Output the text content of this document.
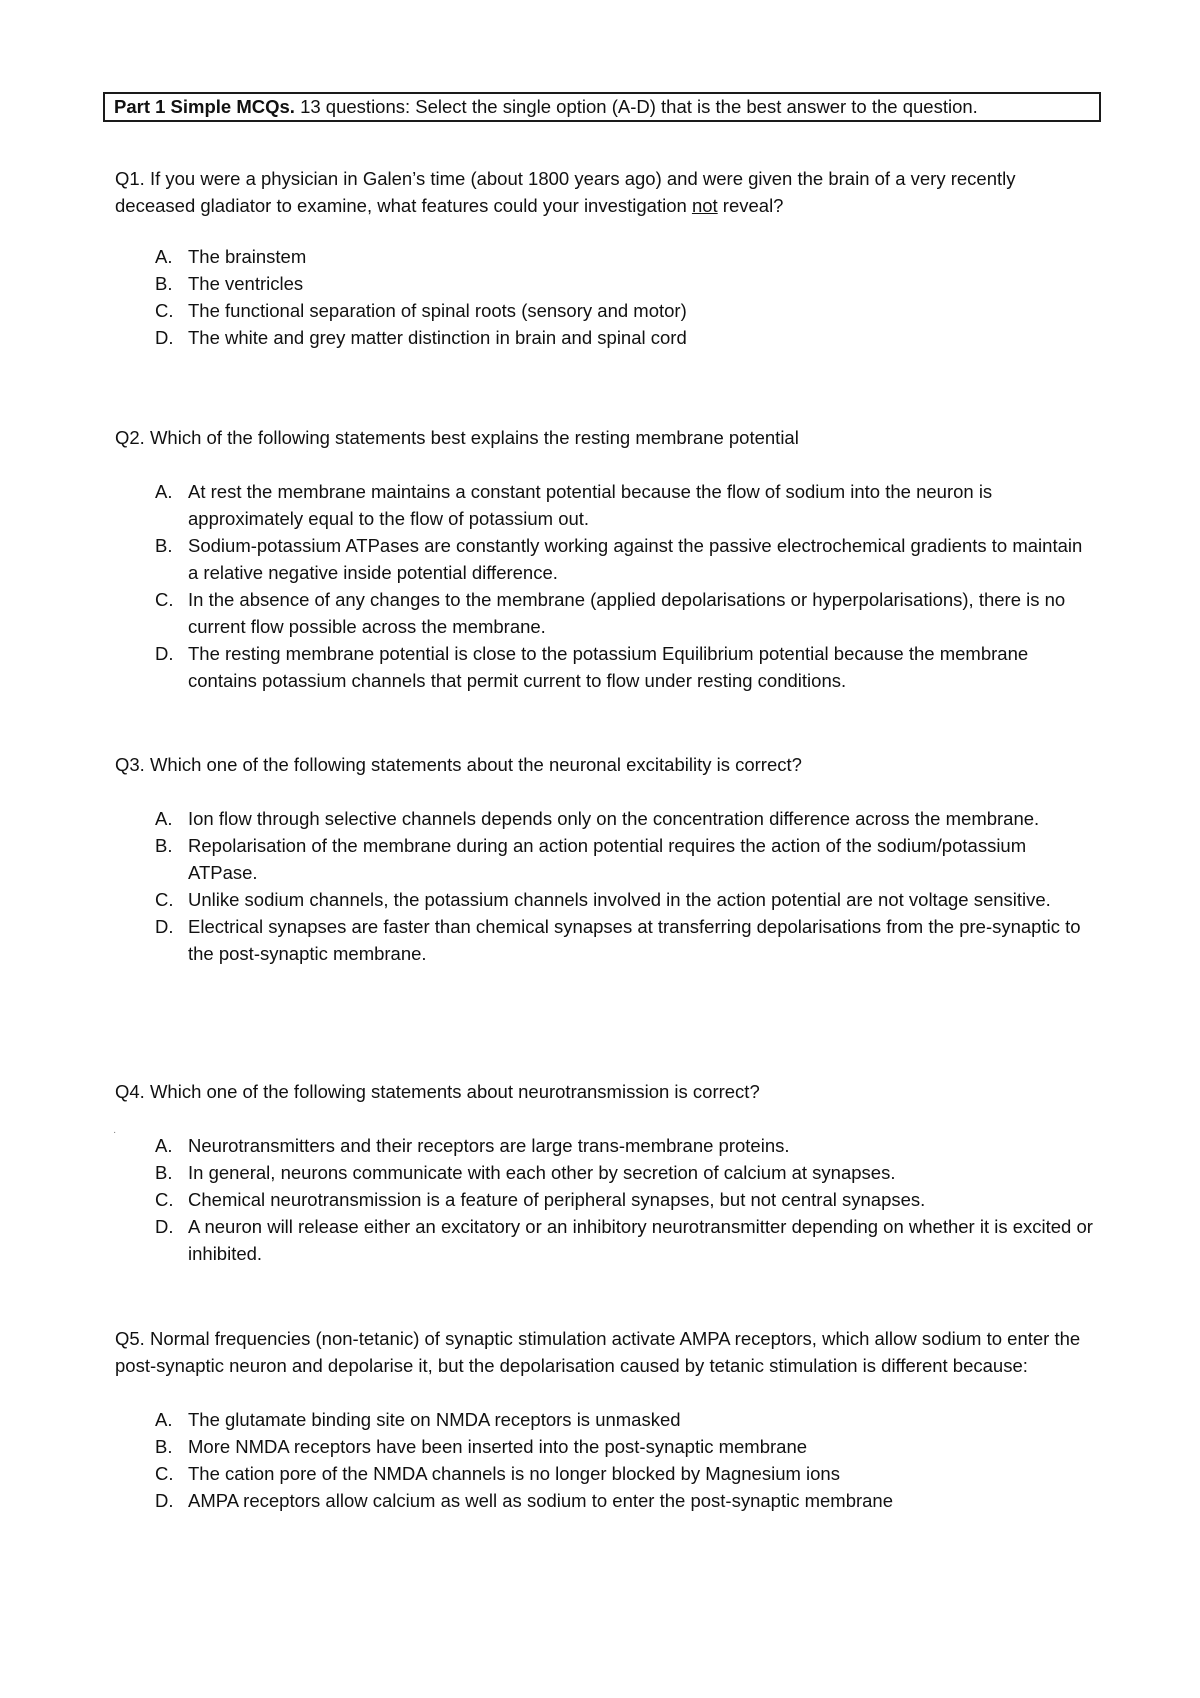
Part 1 Simple MCQs. 13 questions: Select the single option (A-D) that is the best answer to the question.

Q1. If you were a physician in Galen’s time (about 1800 years ago) and were given the brain of a very recently deceased gladiator to examine, what features could your investigation not reveal?

A. The brainstem
B. The ventricles
C. The functional separation of spinal roots (sensory and motor)
D. The white and grey matter distinction in brain and spinal cord

Q2. Which of the following statements best explains the resting membrane potential

A. At rest the membrane maintains a constant potential because the flow of sodium into the neuron is approximately equal to the flow of potassium out.
B. Sodium-potassium ATPases are constantly working against the passive electrochemical gradients to maintain a relative negative inside potential difference.
C. In the absence of any changes to the membrane (applied depolarisations or hyperpolarisations), there is no current flow possible across the membrane.
D. The resting membrane potential is close to the potassium Equilibrium potential because the membrane contains potassium channels that permit current to flow under resting conditions.

Q3. Which one of the following statements about the neuronal excitability is correct?

A. Ion flow through selective channels depends only on the concentration difference across the membrane.
B. Repolarisation of the membrane during an action potential requires the action of the sodium/potassium ATPase.
C. Unlike sodium channels, the potassium channels involved in the action potential are not voltage sensitive.
D. Electrical synapses are faster than chemical synapses at transferring depolarisations from the pre-synaptic to the post-synaptic membrane.

Q4. Which one of the following statements about neurotransmission is correct?

A. Neurotransmitters and their receptors are large trans-membrane proteins.
B. In general, neurons communicate with each other by secretion of calcium at synapses.
C. Chemical neurotransmission is a feature of peripheral synapses, but not central synapses.
D. A neuron will release either an excitatory or an inhibitory neurotransmitter depending on whether it is excited or inhibited.
·

Q5. Normal frequencies (non-tetanic) of synaptic stimulation activate AMPA receptors, which allow sodium to enter the post-synaptic neuron and depolarise it, but the depolarisation caused by tetanic stimulation is different because:

A. The glutamate binding site on NMDA receptors is unmasked
B. More NMDA receptors have been inserted into the post-synaptic membrane
C. The cation pore of the NMDA channels is no longer blocked by Magnesium ions
D. AMPA receptors allow calcium as well as sodium to enter the post-synaptic membrane
